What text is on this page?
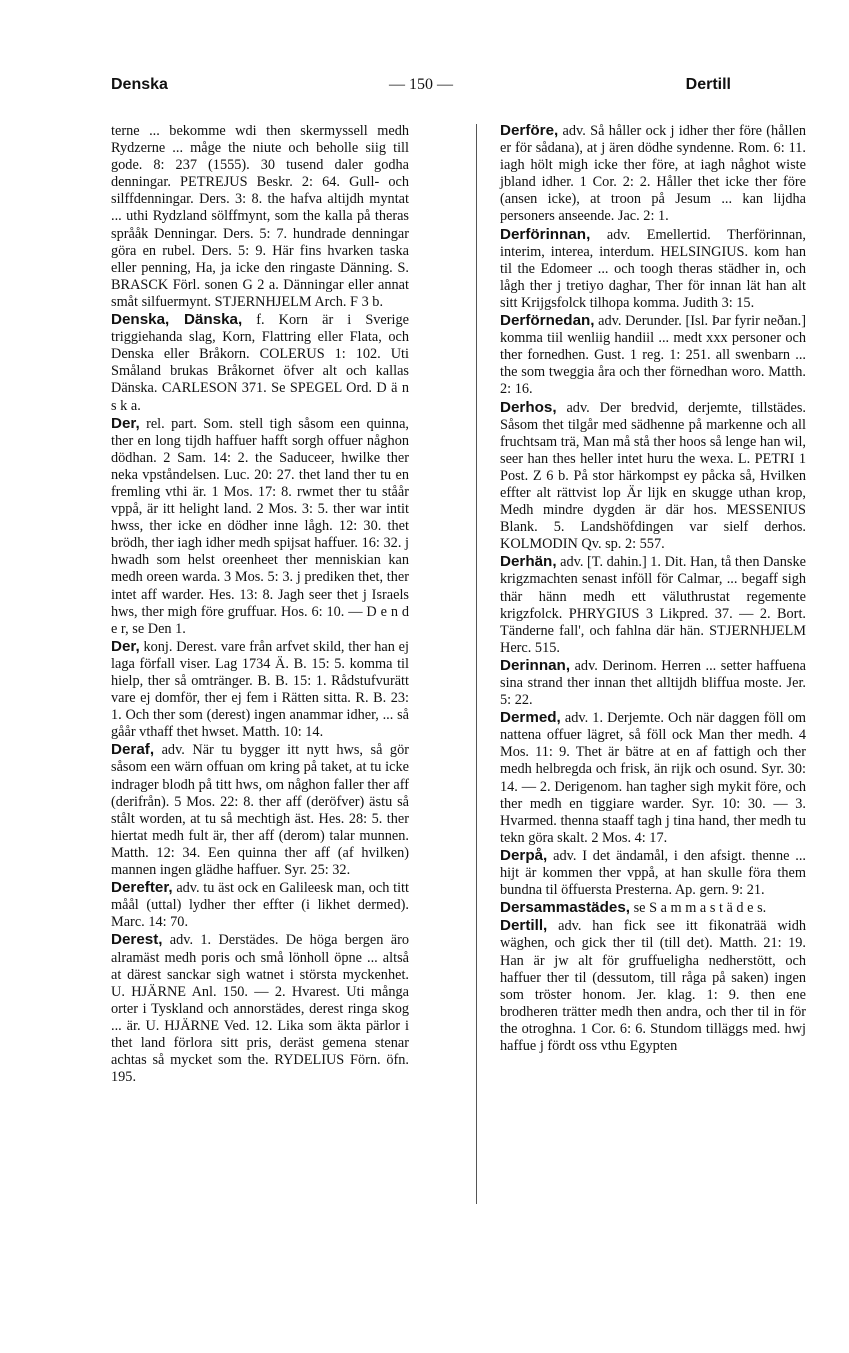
Denska	— 150 —	Dertill

terne ... bekomme wdi then skermyssell medh Rydzerne ... måge the niute och beholle siig till gode. 8: 237 (1555). 30 tusend daler godha denningar. PETREJUS Beskr. 2: 64. Gull- och silffdenningar. Ders. 3: 8. the hafva altijdh myntat ... uthi Rydzland sölffmynt, som the kalla på theras språåk Denningar. Ders. 5: 7. hundrade denningar göra en rubel. Ders. 5: 9. Här fins hvarken taska eller penning, Ha, ja icke den ringaste Dänning. S. BRASCK Förl. sonen G 2 a. Dänningar eller annat småt silfuermynt. STJERNHJELM Arch. F 3 b.

Denska, Dänska, f. Korn är i Sverige triggiehanda slag, Korn, Flattring eller Flata, och Denska eller Bråkorn. COLERUS 1: 102. Uti Småland brukas Bråkornet öfver alt och kallas Dänska. CARLESON 371. Se SPEGEL Ord. D ä n s k a.

Der, rel. part. Som. stell tigh såsom een quinna, ther en long tijdh haffuer hafft sorgh offuer någhon dödhan. 2 Sam. 14: 2. the Saduceer, hwilke ther neka vpståndelsen. Luc. 20: 27. thet land ther tu en fremling vthi är. 1 Mos. 17: 8. rwmet ther tu ståår vppå, är itt helight land. 2 Mos. 3: 5. ther war intit hwss, ther icke en dödher inne lågh. 12: 30. thet brödh, ther iagh idher medh spijsat haffuer. 16: 32. j hwadh som helst oreenheet ther menniskian kan medh oreen warda. 3 Mos. 5: 3. j prediken thet, ther intet aff warder. Hes. 13: 8. Jagh seer thet j Israels hws, ther migh före gruffuar. Hos. 6: 10. — D e n d e r, se Den 1.

Der, konj. Derest. vare från arfvet skild, ther han ej laga förfall viser. Lag 1734 Ä. B. 15: 5. komma til hielp, ther så omtränger. B. B. 15: 1. Rådstufvurätt vare ej domför, ther ej fem i Rätten sitta. R. B. 23: 1. Och ther som (derest) ingen anammar idher, ... så gåår vthaff thet hwset. Matth. 10: 14.

Deraf, adv. När tu bygger itt nytt hws, så gör såsom een wärn offuan om kring på taket, at tu icke indrager blodh på titt hws, om någhon faller ther aff (derifrån). 5 Mos. 22: 8. ther aff (deröfver) ästu så stålt worden, at tu så mechtigh äst. Hes. 28: 5. ther hiertat medh fult är, ther aff (derom) talar munnen. Matth. 12: 34. Een quinna ther aff (af hvilken) mannen ingen glädhe haffuer. Syr. 25: 32.

Derefter, adv. tu äst ock en Galileesk man, och titt måål (uttal) lydher ther effter (i likhet dermed). Marc. 14: 70.

Derest, adv. 1. Derstädes. De höga bergen äro alramäst medh poris och små lönholl öpne ... altså at därest sanckar sigh watnet i största myckenhet. U. HJÄRNE Anl. 150. — 2. Hvarest. Uti många orter i Tyskland och annorstädes, derest ringa skog ... är. U. HJÄRNE Ved. 12. Lika som äkta pärlor i thet land förlora sitt pris, deräst gemena stenar achtas så mycket som the. RYDELIUS Förn. öfn. 195.

Derföre, adv. Så håller ock j idher ther före (hållen er för sådana), at j ären dödhe syndenne. Rom. 6: 11. iagh hölt migh icke ther före, at iagh någhot wiste jbland idher. 1 Cor. 2: 2. Håller thet icke ther före (ansen icke), at troon på Jesum ... kan lijdha personers anseende. Jac. 2: 1.

Derförinnan, adv. Emellertid. Therförinnan, interim, interea, interdum. HELSINGIUS. kom han til the Edomeer ... och toogh theras städher in, och lågh ther j tretiyo daghar, Ther för innan lät han alt sitt Krijgsfolck tilhopa komma. Judith 3: 15.

Derförnedan, adv. Derunder. [Isl. Þar fyrir neðan.] komma tiil wenliig handiil ... medt xxx personer och ther fornedhen. Gust. 1 reg. 1: 251. all swenbarn ... the som tweggia åra och ther förnedhan woro. Matth. 2: 16.

Derhos, adv. Der bredvid, derjemte, tillstädes. Såsom thet tilgår med sädhenne på markenne och all fruchtsam trä, Man må stå ther hoos så lenge han wil, seer han thes heller intet huru the wexa. L. PETRI 1 Post. Z 6 b. På stor härkompst ey påcka så, Hvilken effter alt rättvist lop Är lijk en skugge uthan krop, Medh mindre dygden är där hos. MESSENIUS Blank. 5. Landshöfdingen var sielf derhos. KOLMODIN Qv. sp. 2: 557.

Derhän, adv. [T. dahin.] 1. Dit. Han, tå then Danske krigzmachten senast inföll för Calmar, ... begaff sigh thär hänn medh ett väluthrustat regemente krigzfolck. PHRYGIUS 3 Likpred. 37. — 2. Bort. Tänderne fall', och fahlna där hän. STJERNHJELM Herc. 515.

Derinnan, adv. Derinom. Herren ... setter haffuena sina strand ther innan thet alltijdh bliffua moste. Jer. 5: 22.

Dermed, adv. 1. Derjemte. Och när daggen föll om nattena offuer lägret, så föll ock Man ther medh. 4 Mos. 11: 9. Thet är bätre at en af fattigh och ther medh helbregda och frisk, än rijk och osund. Syr. 30: 14. — 2. Derigenom. han tagher sigh mykit före, och ther medh en tiggiare warder. Syr. 10: 30. — 3. Hvarmed. thenna staaff tagh j tina hand, ther medh tu tekn göra skalt. 2 Mos. 4: 17.

Derpå, adv. I det ändamål, i den afsigt. thenne ... hijt är kommen ther vppå, at han skulle föra them bundna til öffuersta Presterna. Ap. gern. 9: 21.

Dersammastädes, se S a m m a s t ä d e s.

Dertill, adv. han fick see itt fikonaträä widh wäghen, och gick ther til (till det). Matth. 21: 19. Han är jw alt för gruffueligha nedherstött, och haffuer ther til (dessutom, till råga på saken) ingen som tröster honom. Jer. klag. 1: 9. then ene brodheren trätter medh then andra, och ther til in för the otroghna. 1 Cor. 6: 6. Stundom tilläggs med. hwj haffue j fördt oss vthu Egypten
